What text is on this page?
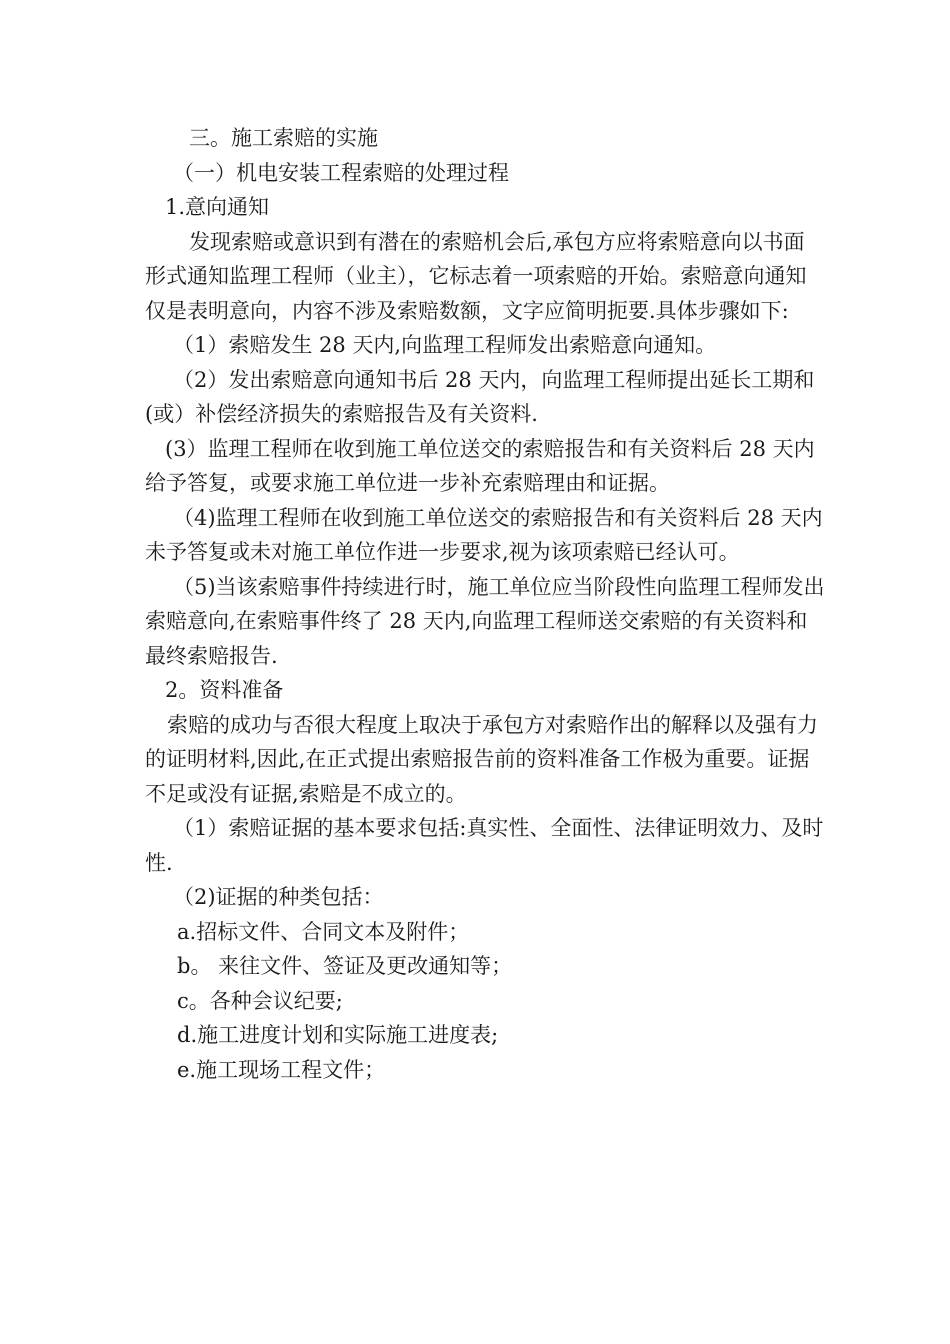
三。施工索赔的实施

（一）机电安装工程索赔的处理过程

1.意向通知

发现索赔或意识到有潜在的索赔机会后,承包方应将索赔意向以书面形式通知监理工程师（业主），它标志着一项索赔的开始。索赔意向通知仅是表明意向，内容不涉及索赔数额，文字应简明扼要.具体步骤如下:

（1）索赔发生 28 天内,向监理工程师发出索赔意向通知。

（2）发出索赔意向通知书后 28 天内，向监理工程师提出延长工期和(或）补偿经济损失的索赔报告及有关资料.

(3）监理工程师在收到施工单位送交的索赔报告和有关资料后 28 天内给予答复，或要求施工单位进一步补充索赔理由和证据。

（4)监理工程师在收到施工单位送交的索赔报告和有关资料后 28 天内未予答复或未对施工单位作进一步要求,视为该项索赔已经认可。

（5)当该索赔事件持续进行时，施工单位应当阶段性向监理工程师发出索赔意向,在索赔事件终了 28 天内,向监理工程师送交索赔的有关资料和最终索赔报告.

2。资料准备

索赔的成功与否很大程度上取决于承包方对索赔作出的解释以及强有力的证明材料,因此,在正式提出索赔报告前的资料准备工作极为重要。证据不足或没有证据,索赔是不成立的。

（1）索赔证据的基本要求包括:真实性、全面性、法律证明效力、及时性.

（2)证据的种类包括：

a.招标文件、合同文本及附件；

b。 来往文件、签证及更改通知等；

c。各种会议纪要;

d.施工进度计划和实际施工进度表;

e.施工现场工程文件；
